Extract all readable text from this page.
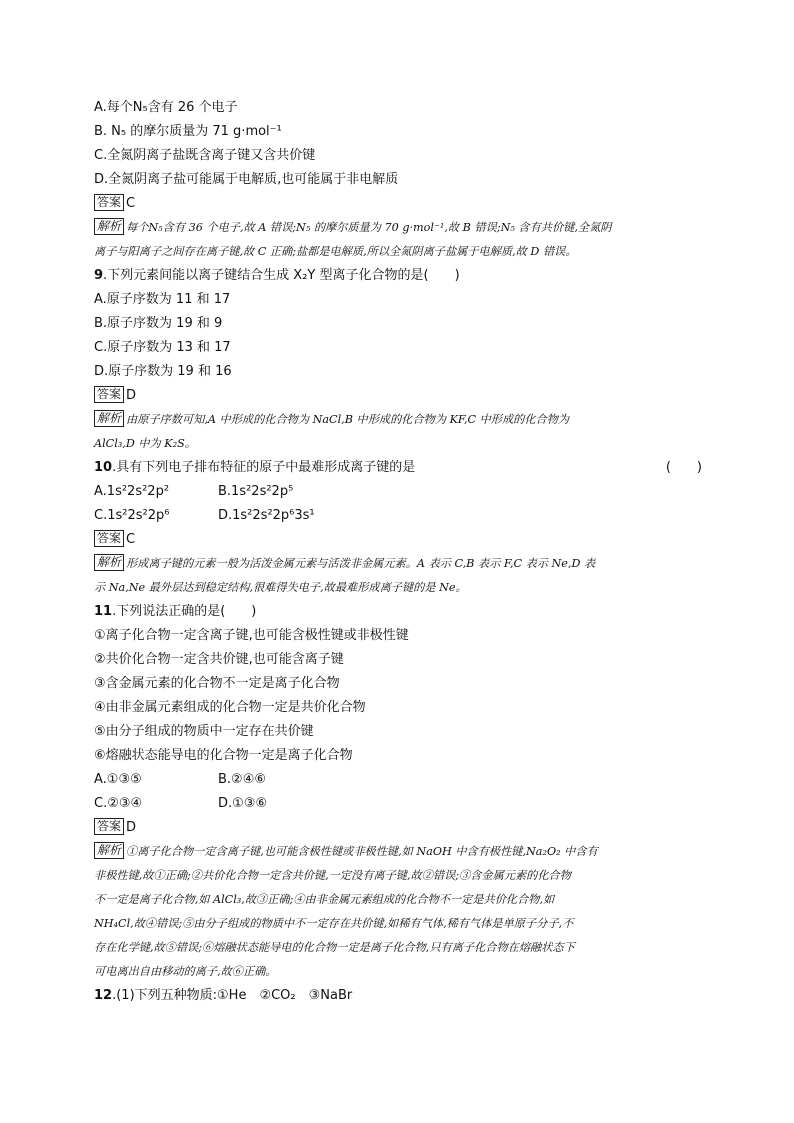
A.每个N₅含有 26 个电子
B. N₅ 的摩尔质量为 71 g·mol⁻¹
C.全氮阴离子盐既含离子键又含共价键
D.全氮阴离子盐可能属于电解质,也可能属于非电解质
答案 C
解析 每个N₅含有 36 个电子,故 A 错误;N₅ 的摩尔质量为 70 g·mol⁻¹,故 B 错误;N₅ 含有共价键,全氮阴
离子与阳离子之间存在离子键,故 C 正确;盐都是电解质,所以全氮阴离子盐属于电解质,故 D 错误。
9.下列元素间能以离子键结合生成 X₂Y 型离子化合物的是(　　)
A.原子序数为 11 和 17
B.原子序数为 19 和 9
C.原子序数为 13 和 17
D.原子序数为 19 和 16
答案 D
解析 由原子序数可知,A 中形成的化合物为 NaCl,B 中形成的化合物为 KF,C 中形成的化合物为
AlCl₃,D 中为 K₂S。
10.具有下列电子排布特征的原子中最难形成离子键的是	(　　)
A.1s²2s²2p²	B.1s²2s²2p⁵
C.1s²2s²2p⁶	D.1s²2s²2p⁶3s¹
答案 C
解析 形成离子键的元素一般为活泼金属元素与活泼非金属元素。A 表示 C,B 表示 F,C 表示 Ne,D 表
示 Na,Ne 最外层达到稳定结构,很难得失电子,故最难形成离子键的是 Ne。
11.下列说法正确的是(　　)
①离子化合物一定含离子键,也可能含极性键或非极性键
②共价化合物一定含共价键,也可能含离子键
③含金属元素的化合物不一定是离子化合物
④由非金属元素组成的化合物一定是共价化合物
⑤由分子组成的物质中一定存在共价键
⑥熔融状态能导电的化合物一定是离子化合物
A.①③⑤	B.②④⑥
C.②③④	D.①③⑥
答案 D
解析 ①离子化合物一定含离子键,也可能含极性键或非极性键,如 NaOH 中含有极性键,Na₂O₂ 中含有
非极性键,故①正确;②共价化合物一定含共价键,一定没有离子键,故②错误;③含金属元素的化合物
不一定是离子化合物,如 AlCl₃,故③正确;④由非金属元素组成的化合物不一定是共价化合物,如
NH₄Cl,故④错误;⑤由分子组成的物质中不一定存在共价键,如稀有气体,稀有气体是单原子分子,不
存在化学键,故⑤错误;⑥熔融状态能导电的化合物一定是离子化合物,只有离子化合物在熔融状态下
可电离出自由移动的离子,故⑥正确。
12.(1)下列五种物质:①He　②CO₂　③NaBr
